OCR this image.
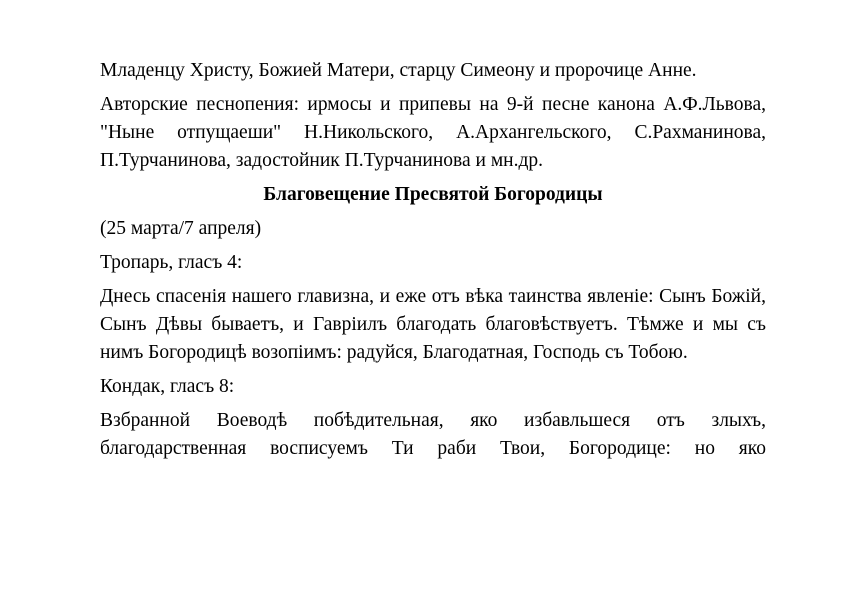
Младенцу Христу, Божией Матери, старцу Симеону и пророчице Анне.

Авторские песнопения: ирмосы и припевы на 9-й песне канона А.Ф.Львова, "Ныне отпущаеши" Н.Никольского, А.Архангельского, С.Рахманинова, П.Турчанинова, задостойник П.Турчанинова и мн.др.

Благовещение Пресвятой Богородицы

(25 марта/7 апреля)

Тропарь, гласъ 4:

Днесь спасенія нашего главизна, и еже отъ вѣка таинства явленіе: Сынъ Божій, Сынъ Дѣвы бываетъ, и Гавріилъ благодать благовѣствуетъ. Тѣмже и мы съ нимъ Богородицѣ возопіимъ: радуйся, Благодатная, Господь съ Тобою.

Кондак, гласъ 8:

Взбранной Воеводѣ побѣдительная, яко избавльшеся отъ злыхъ, благодарственная восписуемъ Ти раби Твои, Богородице: но яко
